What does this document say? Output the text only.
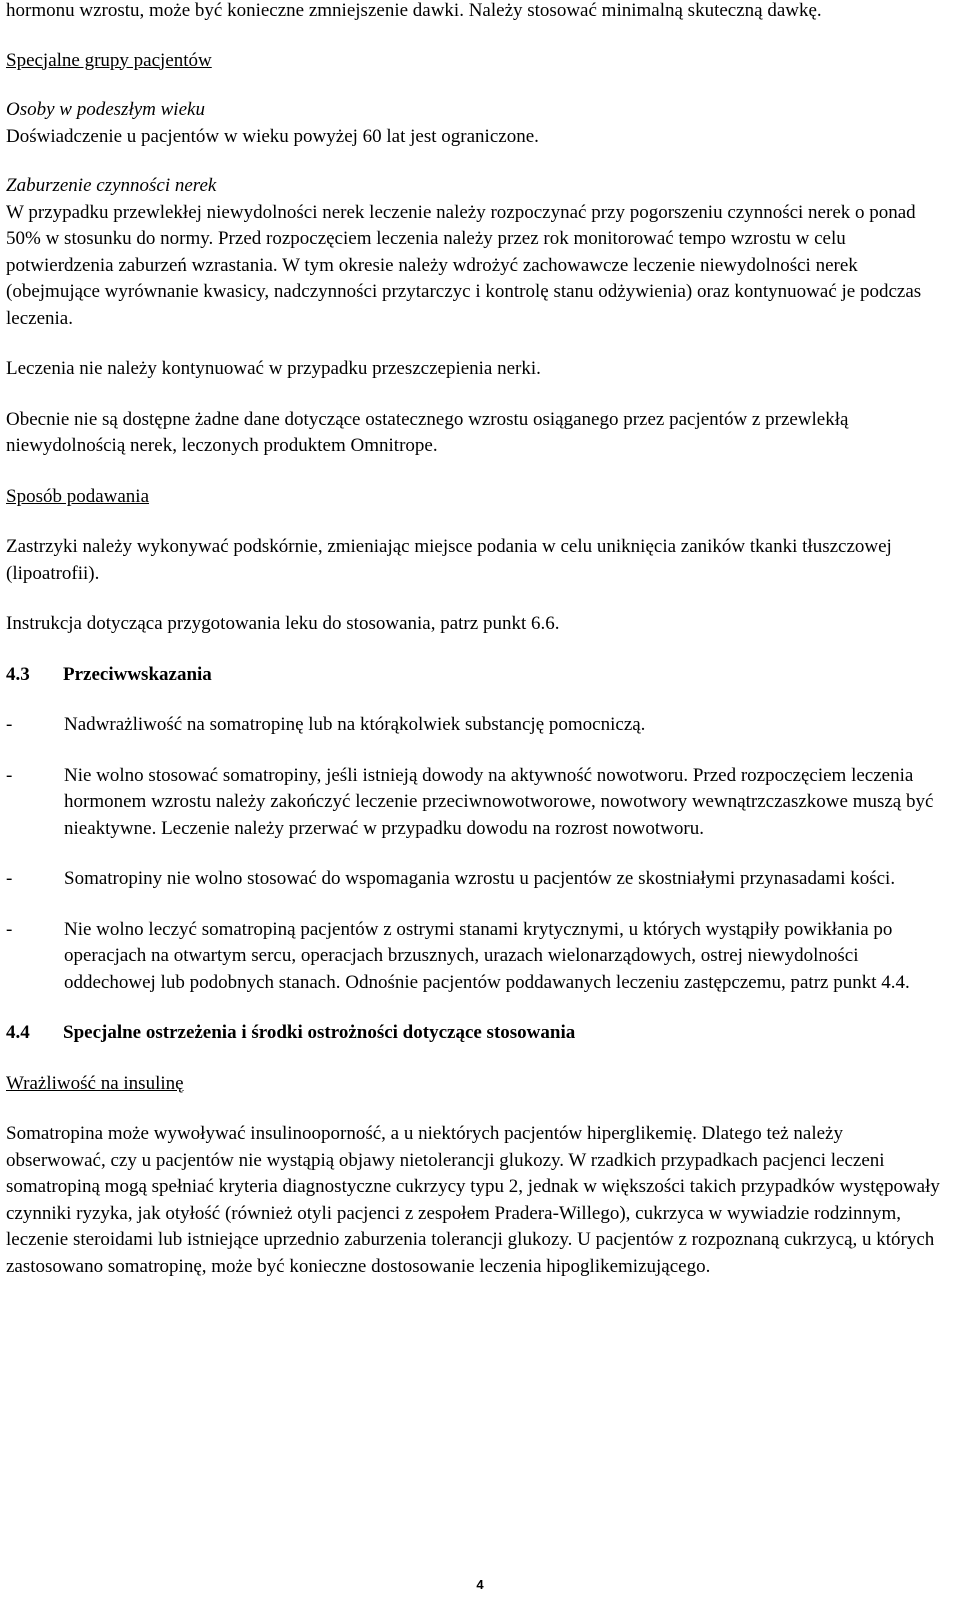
hormonu wzrostu, może być konieczne zmniejszenie dawki. Należy stosować minimalną skuteczną dawkę.

Specjalne grupy pacjentów

Osoby w podeszłym wieku

Doświadczenie u pacjentów w wieku powyżej 60 lat jest ograniczone.

Zaburzenie czynności nerek

W przypadku przewlekłej niewydolności nerek leczenie należy rozpoczynać przy pogorszeniu czynności nerek o ponad 50% w stosunku do normy. Przed rozpoczęciem leczenia należy przez rok monitorować tempo wzrostu w celu potwierdzenia zaburzeń wzrastania. W tym okresie należy wdrożyć zachowawcze leczenie niewydolności nerek (obejmujące wyrównanie kwasicy, nadczynności przytarczyc i kontrolę stanu odżywienia) oraz kontynuować je podczas leczenia.

Leczenia nie należy kontynuować w przypadku przeszczepienia nerki.

Obecnie nie są dostępne żadne dane dotyczące ostatecznego wzrostu osiąganego przez pacjentów z przewlekłą niewydolnością nerek, leczonych produktem Omnitrope.

Sposób podawania

Zastrzyki należy wykonywać podskórnie, zmieniając miejsce podania w celu uniknięcia zaników tkanki tłuszczowej (lipoatrofii).

Instrukcja dotycząca przygotowania leku do stosowania, patrz punkt 6.6.

4.3	Przeciwwskazania
-	Nadwrażliwość na somatropinę lub na którąkolwiek substancję pomocniczą.
-	Nie wolno stosować somatropiny, jeśli istnieją dowody na aktywność nowotworu. Przed rozpoczęciem leczenia hormonem wzrostu należy zakończyć leczenie przeciwnowotworowe, nowotwory wewnątrzczaszkowe muszą być nieaktywne. Leczenie należy przerwać w przypadku dowodu na rozrost nowotworu.
-	Somatropiny nie wolno stosować do wspomagania wzrostu u pacjentów ze skostniałymi przynasadami kości.
-	Nie wolno leczyć somatropiną pacjentów z ostrymi stanami krytycznymi, u których wystąpiły powikłania po operacjach na otwartym sercu, operacjach brzusznych, urazach wielonarządowych, ostrej niewydolności oddechowej lub podobnych stanach. Odnośnie pacjentów poddawanych leczeniu zastępczemu, patrz punkt 4.4.
4.4	Specjalne ostrzeżenia i środki ostrożności dotyczące stosowania

Wrażliwość na insulinę

Somatropina może wywoływać insulinooporność, a u niektórych pacjentów hiperglikemię. Dlatego też należy obserwować, czy u pacjentów nie wystąpią objawy nietolerancji glukozy. W rzadkich przypadkach pacjenci leczeni somatropiną mogą spełniać kryteria diagnostyczne cukrzycy typu 2, jednak w większości takich przypadków występowały czynniki ryzyka, jak otyłość (również otyli pacjenci z zespołem Pradera-Willego), cukrzyca w wywiadzie rodzinnym, leczenie steroidami lub istniejące uprzednio zaburzenia tolerancji glukozy. U pacjentów z rozpoznaną cukrzycą, u których zastosowano somatropinę, może być konieczne dostosowanie leczenia hipoglikemizującego.

4
